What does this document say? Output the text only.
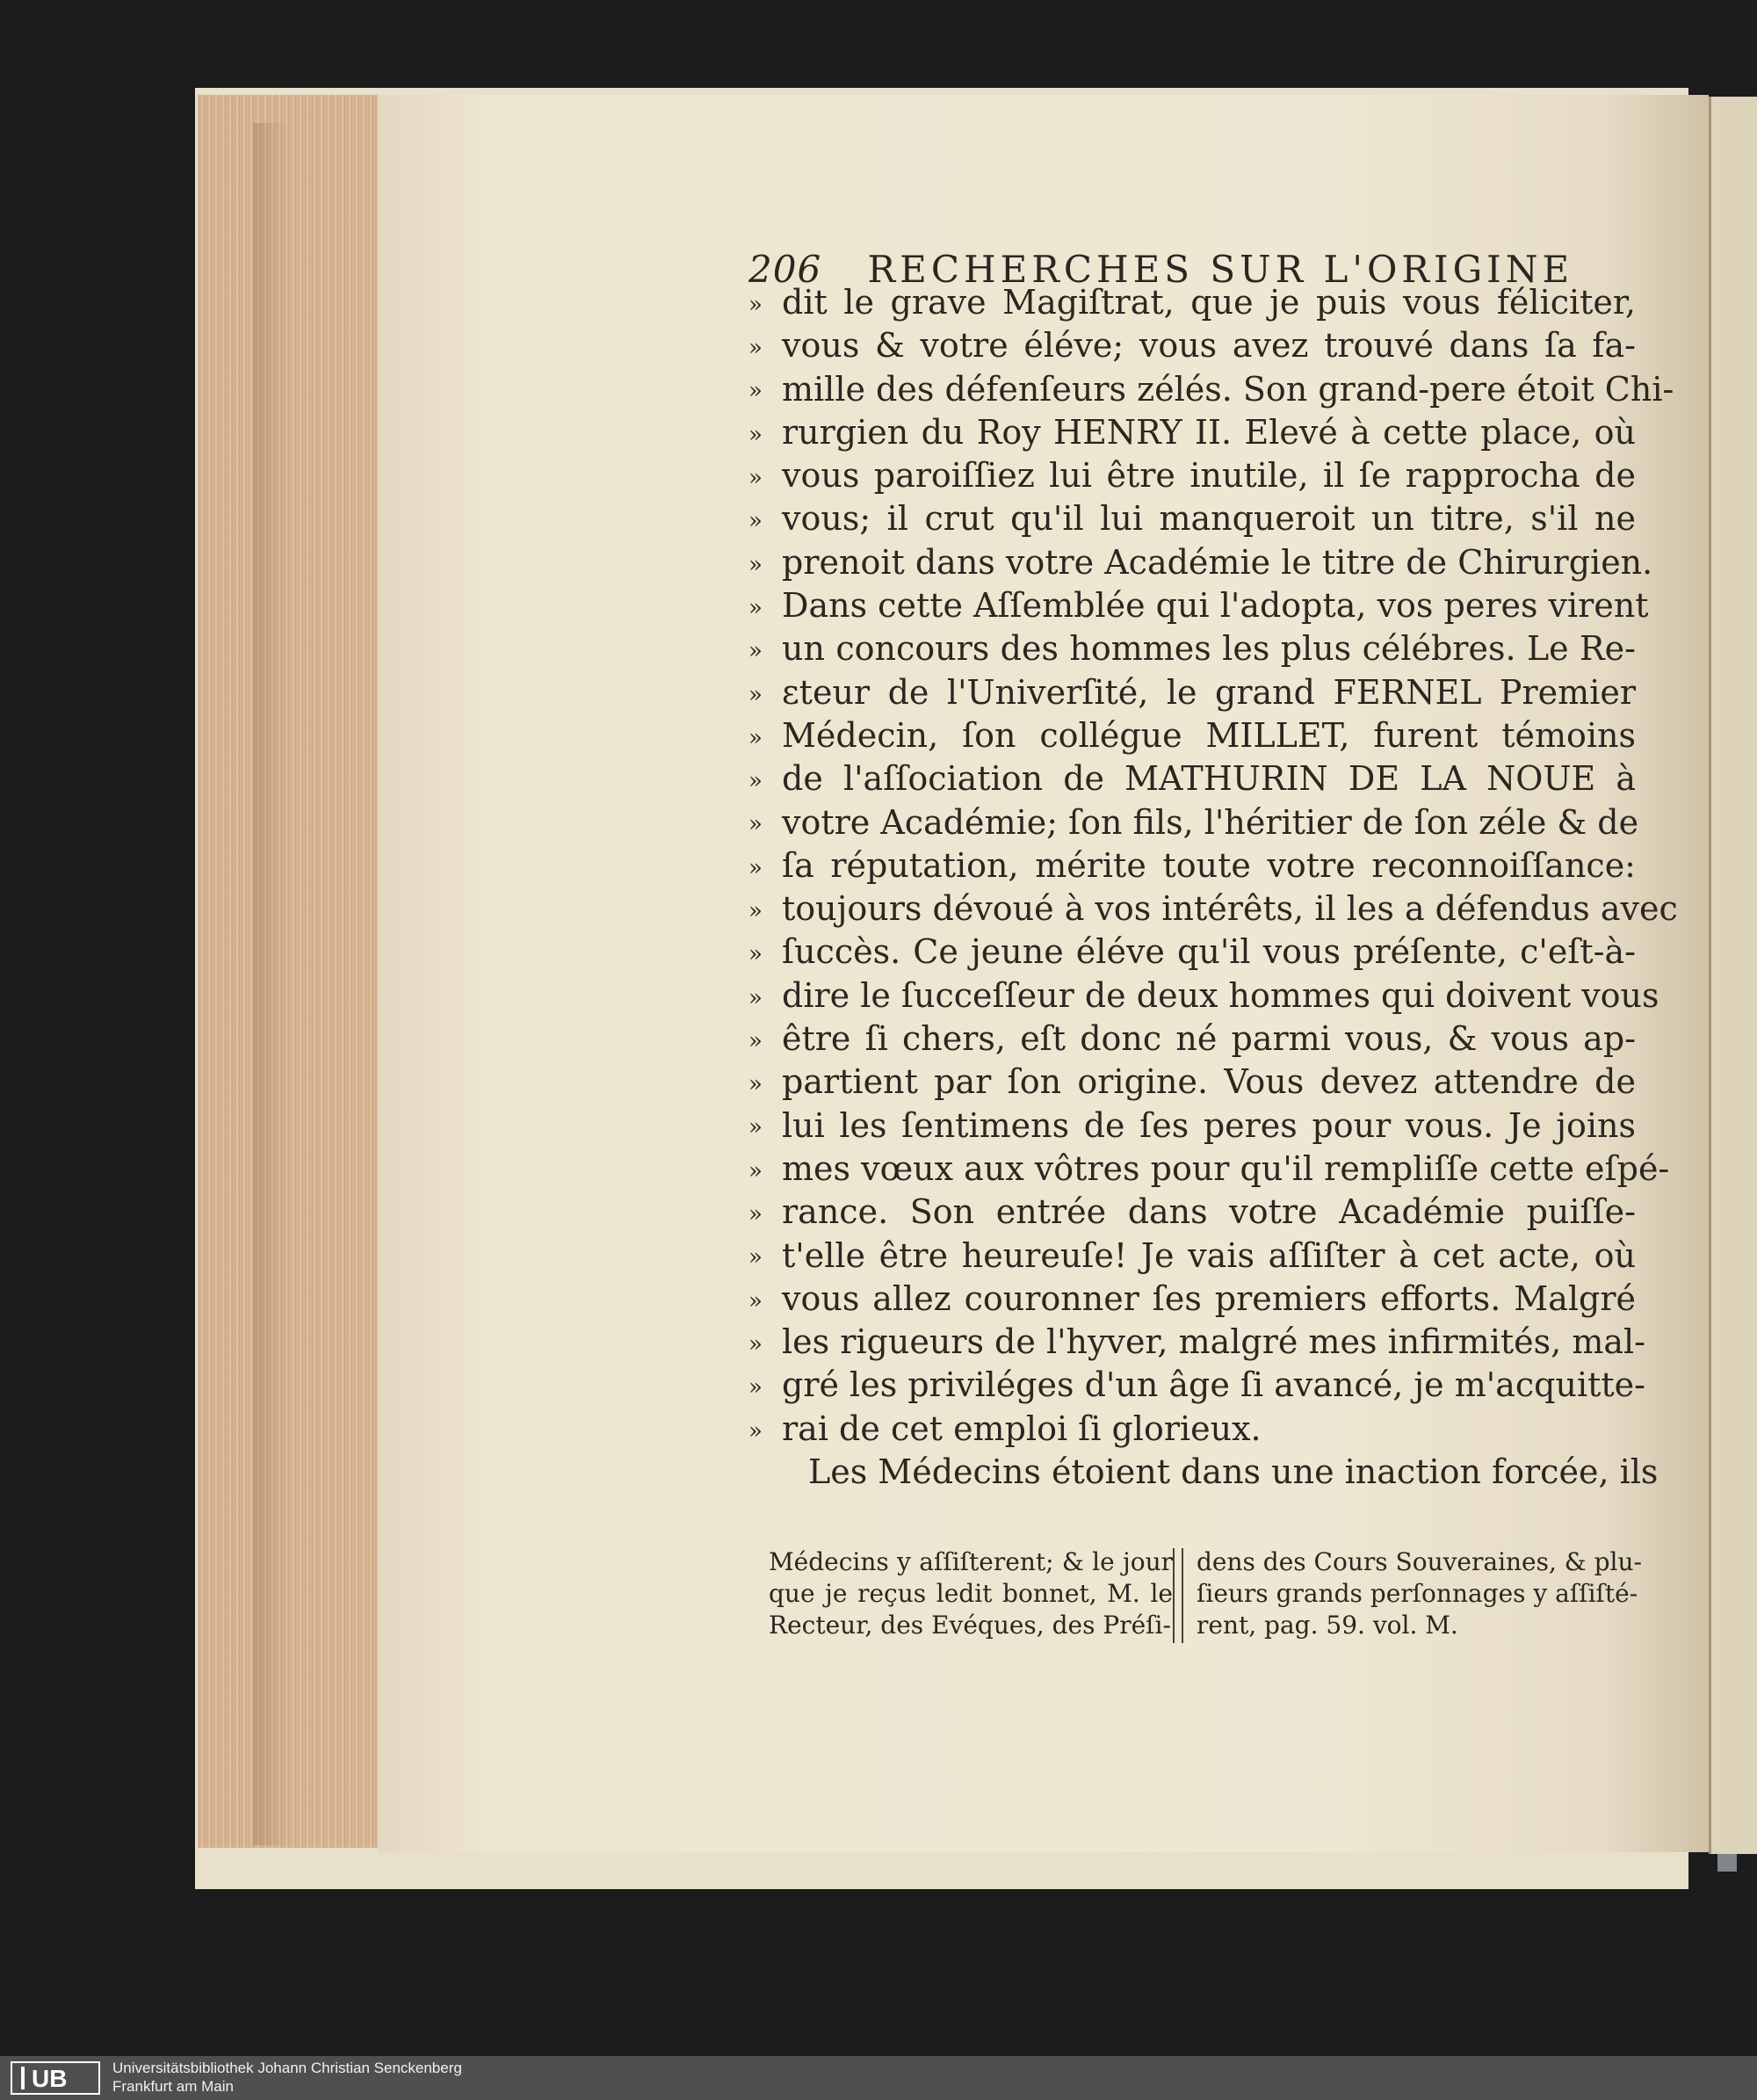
206 RECHERCHES SUR L'ORIGINE
» dit le grave Magiſtrat, que je puis vous féliciter,
» vous & votre éléve; vous avez trouvé dans ſa fa-
» mille des défenſeurs zélés. Son grand-pere étoit Chi-
» rurgien du Roy HENRY II. Elevé à cette place, où
» vous paroiſſiez lui être inutile, il ſe rapprocha de
» vous; il crut qu'il lui manqueroit un titre, s'il ne
» prenoit dans votre Académie le titre de Chirurgien.
» Dans cette Aſſemblée qui l'adopta, vos peres virent
» un concours des hommes les plus célébres. Le Re-
» ɛteur de l'Univerſité, le grand FERNEL Premier
» Médecin, ſon collégue MILLET, furent témoins
» de l'aſſociation de MATHURIN DE LA NOUE à
» votre Académie; ſon fils, l'héritier de ſon zéle & de
» ſa réputation, mérite toute votre reconnoiſſance:
» toujours dévoué à vos intérêts, il les a défendus avec
» ſuccès. Ce jeune éléve qu'il vous préſente, c'eſt-à-
» dire le ſucceſſeur de deux hommes qui doivent vous
» être ſi chers, eſt donc né parmi vous, & vous ap-
» partient par ſon origine. Vous devez attendre de
» lui les ſentimens de ſes peres pour vous. Je joins
» mes vœux aux vôtres pour qu'il rempliſſe cette eſpé-
» rance. Son entrée dans votre Académie puiſſe-
» t'elle être heureuſe! Je vais aſſiſter à cet acte, où
» vous allez couronner ſes premiers efforts. Malgré
» les rigueurs de l'hyver, malgré mes infirmités, mal-
» gré les priviléges d'un âge ſi avancé, je m'acquitte-
» rai de cet emploi ſi glorieux.
Les Médecins étoient dans une inaction forcée, ils
Médecins y aſſiſterent; & le jour
que je reçus ledit bonnet, M. le
Recteur, des Evéques, des Préſi-
dens des Cours Souveraines, & plu-
ſieurs grands perſonnages y aſſiſté-
rent, pag. 59. vol. M.
UB	Universitätsbibliothek Johann Christian Senckenberg
Frankfurt am Main
